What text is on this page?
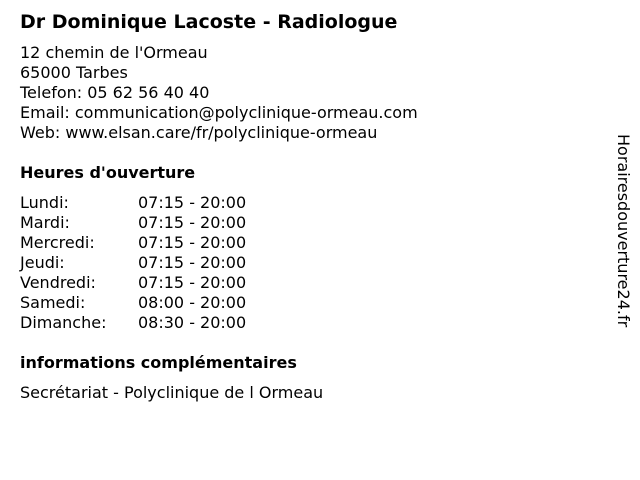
Dr Dominique Lacoste - Radiologue
12 chemin de l'Ormeau
65000 Tarbes
Telefon: 05 62 56 40 40
Email: communication@polyclinique-ormeau.com
Web: www.elsan.care/fr/polyclinique-ormeau
Heures d'ouverture
Lundi:	07:15 - 20:00
Mardi:	07:15 - 20:00
Mercredi:	07:15 - 20:00
Jeudi:	07:15 - 20:00
Vendredi:	07:15 - 20:00
Samedi:	08:00 - 20:00
Dimanche:	08:30 - 20:00
informations complémentaires
Secrétariat - Polyclinique de l Ormeau
Horairesdouverture24.fr
